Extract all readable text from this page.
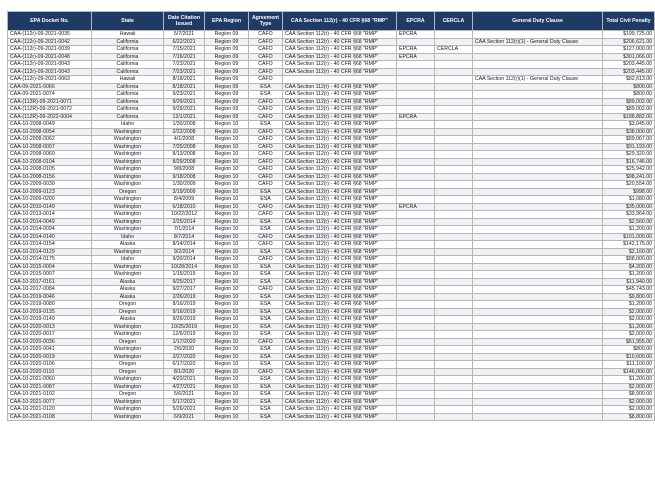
EPA Docket No.	State	Date Citation Issued	EPA Region	Agreement Type	CAA Section 112(r) - 40 CFR §68 "RMP"	EPCRA	CERCLA	General Duty Clause	Total Civil Penalty
CAA-(112r)-09-2021-0035	Hawaii	5/7/2021	Region 09	CAFO	CAA Section 112(r) - 40 CFR §68 "RMP"	EPCRA			$199,725.00
CAA-(112r)-09-2021-0042	California	6/22/2021	Region 09	CAFO	CAA Section 112(r) - 40 CFR §68 "RMP"			CAA Section 112(r)(1) - General Duty Clause	$206,621.00
CAA-(112r)-09-2021-0039	California	7/15/2021	Region 09	CAFO	CAA Section 112(r) - 40 CFR §68 "RMP"	EPCRA	CERCLA		$127,000.00
CAA-(112r)-09-2021-0048	California	7/16/2021	Region 09	CAFO	CAA Section 112(r) - 40 CFR §68 "RMP"	EPCRA			$301,066.00
CAA-(112r)-09-2021-0043	California	7/23/2021	Region 09	CAFO	CAA Section 112(r) - 40 CFR §68 "RMP"				$203,445.00
CAA-(112r)-09-2021-0043	California	7/23/2021	Region 09	CAFO	CAA Section 112(r) - 40 CFR §68 "RMP"				$203,445.00
CAA-(112r)-09-2021-0063	Hawaii	8/18/2021	Region 09	CAFO				CAA Section 112(r)(1) - General Duty Clause	$82,613.00
CAA-09-2021-0066	California	8/18/2021	Region 09	ESA	CAA Section 112(r) - 40 CFR §68 "RMP"				$800.00
CAA-09-2021-0074	California	9/23/2021	Region 09	ESA	CAA Section 112(r) - 40 CFR §68 "RMP"				$800.00
CAA-(112R)-09-2021-0071	California	9/29/2021	Region 09	CAFO	CAA Section 112(r) - 40 CFR §68 "RMP"				$89,002.00
CAA-(112R)-09-2021-0072	California	9/29/2021	Region 09	CAFO	CAA Section 112(r) - 40 CFR §68 "RMP"				$89,002.00
CAA-(112R)-09-2022-0004	California	12/1/2021	Region 09	CAFO	CAA Section 112(r) - 40 CFR §68 "RMP"	EPCRA			$188,882.00
CAA-10-2008-0049	Idaho	1/30/2008	Region 10	ESA	CAA Section 112(r) - 40 CFR §68 "RMP"				$3,045.00
CAA-10-2008-0054	Washington	2/22/2008	Region 10	CAFO	CAA Section 112(r) - 40 CFR §68 "RMP"				$38,000.00
CAA-10-2008-0062	Washington	4/1/2008	Region 10	CAFO	CAA Section 112(r) - 40 CFR §68 "RMP"				$89,067.00
CAA-10-2008-0097	Washington	7/25/2008	Region 10	CAFO	CAA Section 112(r) - 40 CFR §68 "RMP"				$91,193.00
CAA-10-2008-0060	Washington	8/13/2008	Region 10	CAFO	CAA Section 112(r) - 40 CFR §68 "RMP"				$29,320.00
CAA-10-2008-0104	Washington	8/29/2008	Region 10	CAFO	CAA Section 112(r) - 40 CFR §68 "RMP"				$16,746.00
CAA-10-2008-0105	Washington	9/8/2008	Region 10	CAFO	CAA Section 112(r) - 40 CFR §68 "RMP"				$25,942.00
CAA-10-2008-0156	Washington	9/18/2008	Region 10	CAFO	CAA Section 112(r) - 40 CFR §68 "RMP"				$98,241.00
CAA-10-2009-0030	Washington	1/30/2009	Region 10	CAFO	CAA Section 112(r) - 40 CFR §68 "RMP"				$20,554.00
CAA-10-2009-0123	Oregon	3/19/2009	Region 10	ESA	CAA Section 112(r) - 40 CFR §68 "RMP"				$998.00
CAA-10-2009-0200	Washington	8/4/2009	Region 10	ESA	CAA Section 112(r) - 40 CFR §68 "RMP"				$1,080.00
CAA-10-2010-0149	Washington	6/18/2010	Region 10	CAFO	CAA Section 112(r) - 40 CFR §68 "RMP"	EPCRA			$35,000.00
CAA-10-2013-0014	Washington	10/22/2012	Region 10	CAFO	CAA Section 112(r) - 40 CFR §68 "RMP"				$33,964.00
CAA-10-2014-0049	Washington	2/25/2014	Region 10	ESA	CAA Section 112(r) - 40 CFR §68 "RMP"				$2,560.00
CAA-10-2014-0094	Washington	7/1/2014	Region 10	ESA	CAA Section 112(r) - 40 CFR §68 "RMP"				$1,200.00
CAA-10-2014-0140	Idaho	8/7/2014	Region 10	CAFO	CAA Section 112(r) - 40 CFR §68 "RMP"				$101,000.00
CAA-10-2014-0154	Alaska	8/14/2014	Region 10	CAFO	CAA Section 112(r) - 40 CFR §68 "RMP"				$142,175.00
CAA-10-2014-0129	Washington	9/2/2014	Region 10	ESA	CAA Section 112(r) - 40 CFR §68 "RMP"				$2,160.00
CAA-10-2014-0175	Idaho	9/30/2014	Region 10	CAFO	CAA Section 112(r) - 40 CFR §68 "RMP"				$88,000.00
CAA-10-2015-0004	Washington	10/28/2014	Region 10	ESA	CAA Section 112(r) - 40 CFR §68 "RMP"				$4,200.00
CAA-10-2015-0007	Washington	1/15/2015	Region 10	ESA	CAA Section 112(r) - 40 CFR §68 "RMP"				$1,200.00
CAA-10-2017-0161	Alaska	9/25/2017	Region 10	ESA	CAA Section 112(r) - 40 CFR §68 "RMP"				$11,940.00
CAA-10-2017-0084	Alaska	9/27/2017	Region 10	CAFO	CAA Section 112(r) - 40 CFR §68 "RMP"				$45,743.00
CAA-10-2019-0046	Alaska	2/26/2019	Region 10	ESA	CAA Section 112(r) - 40 CFR §68 "RMP"				$9,800.00
CAA-10-2019-0080	Oregon	8/16/2019	Region 10	ESA	CAA Section 112(r) - 40 CFR §68 "RMP"				$1,200.00
CAA-10-2019-0135	Oregon	9/16/2019	Region 10	ESA	CAA Section 112(r) - 40 CFR §68 "RMP"				$2,000.00
CAA-10-2019-0149	Alaska	9/26/2019	Region 10	ESA	CAA Section 112(r) - 40 CFR §68 "RMP"				$2,000.00
CAA-10-2020-0013	Washington	10/25/2019	Region 10	ESA	CAA Section 112(r) - 40 CFR §68 "RMP"				$1,200.00
CAA-10-2020-0017	Washington	12/6/2019	Region 10	ESA	CAA Section 112(r) - 40 CFR §68 "RMP"				$2,000.00
CAA-10-2020-0036	Oregon	1/17/2020	Region 10	CAFO	CAA Section 112(r) - 40 CFR §68 "RMP"				$61,955.00
CAA-10-2020-0041	Washington	2/6/2020	Region 10	ESA	CAA Section 112(r) - 40 CFR §68 "RMP"				$800.00
CAA-10-2020-0019	Washington	2/27/2020	Region 10	ESA	CAA Section 112(r) - 40 CFR §68 "RMP"				$10,600.00
CAA-10-2020-0106	Oregon	6/17/2020	Region 10	ESA	CAA Section 112(r) - 40 CFR §68 "RMP"				$11,100.00
CAA-10-2020-0110	Oregon	8/1/2020	Region 10	CAFO	CAA Section 112(r) - 40 CFR §68 "RMP"				$146,000.00
CAA-10-2021-0060	Washington	4/20/2021	Region 10	ESA	CAA Section 112(r) - 40 CFR §68 "RMP"				$1,200.00
CAA-10-2021-0087	Washington	4/27/2021	Region 10	ESA	CAA Section 112(r) - 40 CFR §68 "RMP"				$2,000.00
CAA-10-2021-0102	Oregon	5/6/2021	Region 10	ESA	CAA Section 112(r) - 40 CFR §68 "RMP"				$8,900.00
CAA-10-2021-0077	Washington	5/17/2021	Region 10	ESA	CAA Section 112(r) - 40 CFR §68 "RMP"				$2,000.00
CAA-10-2021-0120	Washington	5/26/2021	Region 10	ESA	CAA Section 112(r) - 40 CFR §68 "RMP"				$2,000.00
CAA-10-2021-0108	Washington	6/9/2021	Region 10	ESA	CAA Section 112(r) - 40 CFR §68 "RMP"				$8,800.00
